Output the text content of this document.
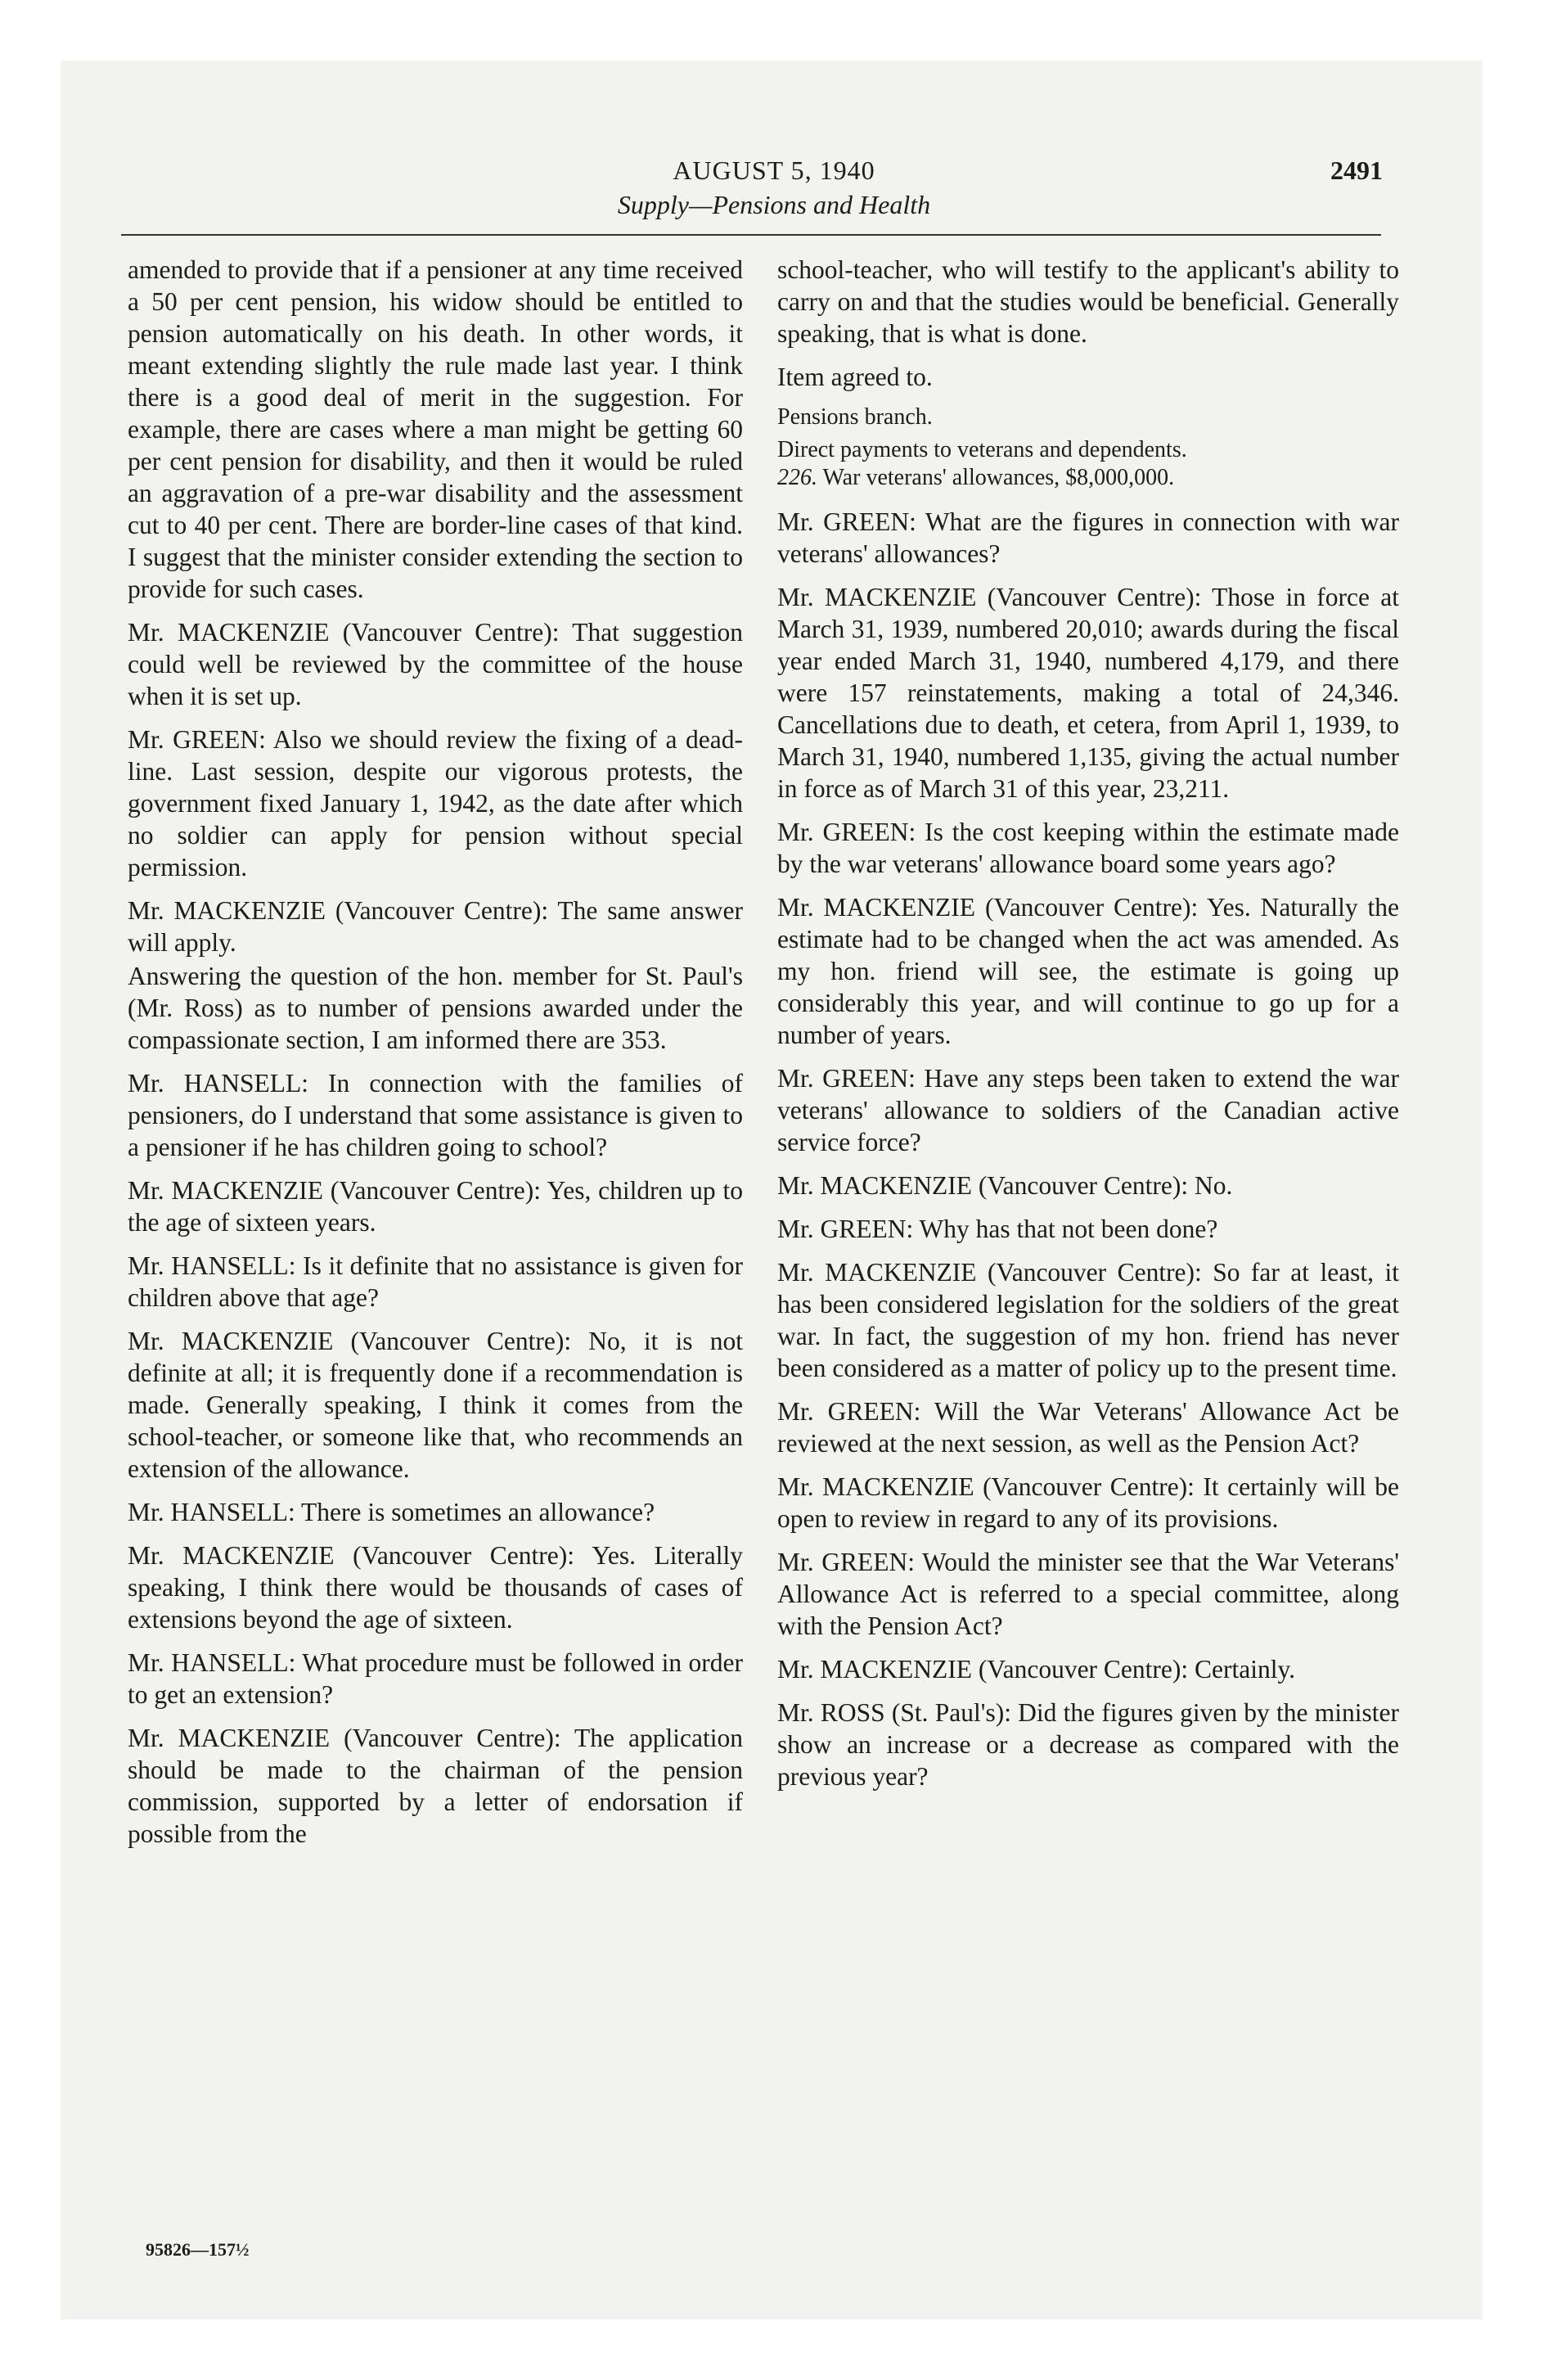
AUGUST 5, 1940
Supply—Pensions and Health
2491

amended to provide that if a pensioner at any time received a 50 per cent pension, his widow should be entitled to pension automatically on his death. In other words, it meant extending slightly the rule made last year. I think there is a good deal of merit in the suggestion. For example, there are cases where a man might be getting 60 per cent pension for disability, and then it would be ruled an aggravation of a pre-war disability and the assessment cut to 40 per cent. There are border-line cases of that kind. I suggest that the minister consider extending the section to provide for such cases.

Mr. MACKENZIE (Vancouver Centre): That suggestion could well be reviewed by the committee of the house when it is set up.

Mr. GREEN: Also we should review the fixing of a dead-line. Last session, despite our vigorous protests, the government fixed January 1, 1942, as the date after which no soldier can apply for pension without special permission.

Mr. MACKENZIE (Vancouver Centre): The same answer will apply.

Answering the question of the hon. member for St. Paul's (Mr. Ross) as to number of pensions awarded under the compassionate section, I am informed there are 353.

Mr. HANSELL: In connection with the families of pensioners, do I understand that some assistance is given to a pensioner if he has children going to school?

Mr. MACKENZIE (Vancouver Centre): Yes, children up to the age of sixteen years.

Mr. HANSELL: Is it definite that no assistance is given for children above that age?

Mr. MACKENZIE (Vancouver Centre): No, it is not definite at all; it is frequently done if a recommendation is made. Generally speaking, I think it comes from the school-teacher, or someone like that, who recommends an extension of the allowance.

Mr. HANSELL: There is sometimes an allowance?

Mr. MACKENZIE (Vancouver Centre): Yes. Literally speaking, I think there would be thousands of cases of extensions beyond the age of sixteen.

Mr. HANSELL: What procedure must be followed in order to get an extension?

Mr. MACKENZIE (Vancouver Centre): The application should be made to the chairman of the pension commission, supported by a letter of endorsation if possible from the

school-teacher, who will testify to the applicant's ability to carry on and that the studies would be beneficial. Generally speaking, that is what is done.

Item agreed to.

Pensions branch.

Direct payments to veterans and dependents.

226. War veterans' allowances, $8,000,000.

Mr. GREEN: What are the figures in connection with war veterans' allowances?

Mr. MACKENZIE (Vancouver Centre): Those in force at March 31, 1939, numbered 20,010; awards during the fiscal year ended March 31, 1940, numbered 4,179, and there were 157 reinstatements, making a total of 24,346. Cancellations due to death, et cetera, from April 1, 1939, to March 31, 1940, numbered 1,135, giving the actual number in force as of March 31 of this year, 23,211.

Mr. GREEN: Is the cost keeping within the estimate made by the war veterans' allowance board some years ago?

Mr. MACKENZIE (Vancouver Centre): Yes. Naturally the estimate had to be changed when the act was amended. As my hon. friend will see, the estimate is going up considerably this year, and will continue to go up for a number of years.

Mr. GREEN: Have any steps been taken to extend the war veterans' allowance to soldiers of the Canadian active service force?

Mr. MACKENZIE (Vancouver Centre): No.

Mr. GREEN: Why has that not been done?

Mr. MACKENZIE (Vancouver Centre): So far at least, it has been considered legislation for the soldiers of the great war. In fact, the suggestion of my hon. friend has never been considered as a matter of policy up to the present time.

Mr. GREEN: Will the War Veterans' Allowance Act be reviewed at the next session, as well as the Pension Act?

Mr. MACKENZIE (Vancouver Centre): It certainly will be open to review in regard to any of its provisions.

Mr. GREEN: Would the minister see that the War Veterans' Allowance Act is referred to a special committee, along with the Pension Act?

Mr. MACKENZIE (Vancouver Centre): Certainly.

Mr. ROSS (St. Paul's): Did the figures given by the minister show an increase or a decrease as compared with the previous year?

95826—157½
